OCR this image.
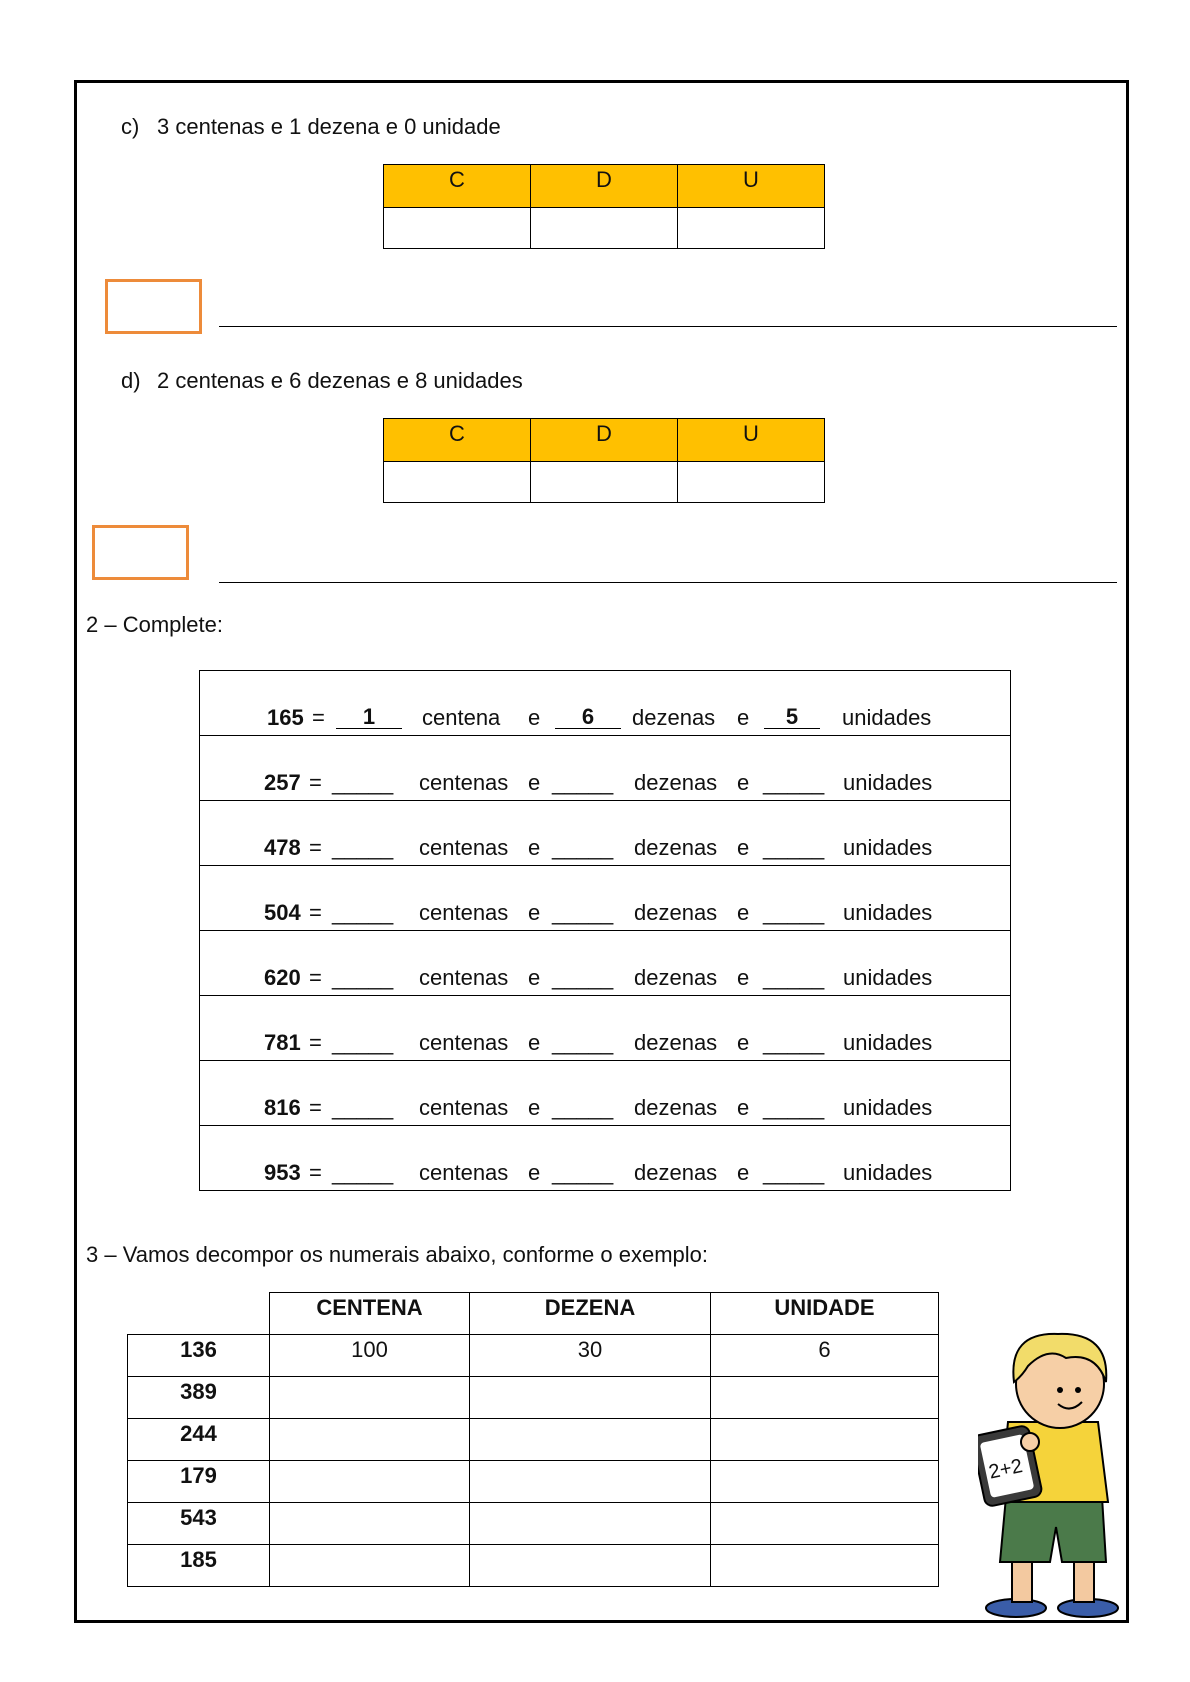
c) 3 centenas e 1 dezena e 0 unidade
C	D	U

d) 2 centenas e 6 dezenas e 8 unidades
C	D	U

2 – Complete:
165 =	1	centena e	6	dezenas e	5	unidades
257 = _____ centenas e _____ dezenas e _____ unidades
478 = _____ centenas e _____ dezenas e _____ unidades
504 = _____ centenas e _____ dezenas e _____ unidades
620 = _____ centenas e _____ dezenas e _____ unidades
781 = _____ centenas e _____ dezenas e _____ unidades
816 = _____ centenas e _____ dezenas e _____ unidades
953 = _____ centenas e _____ dezenas e _____ unidades
3 – Vamos decompor os numerais abaixo, conforme o exemplo:
	CENTENA	DEZENA	UNIDADE
136	100	30	6
389			
244			
179			
543			
185			
2+2
